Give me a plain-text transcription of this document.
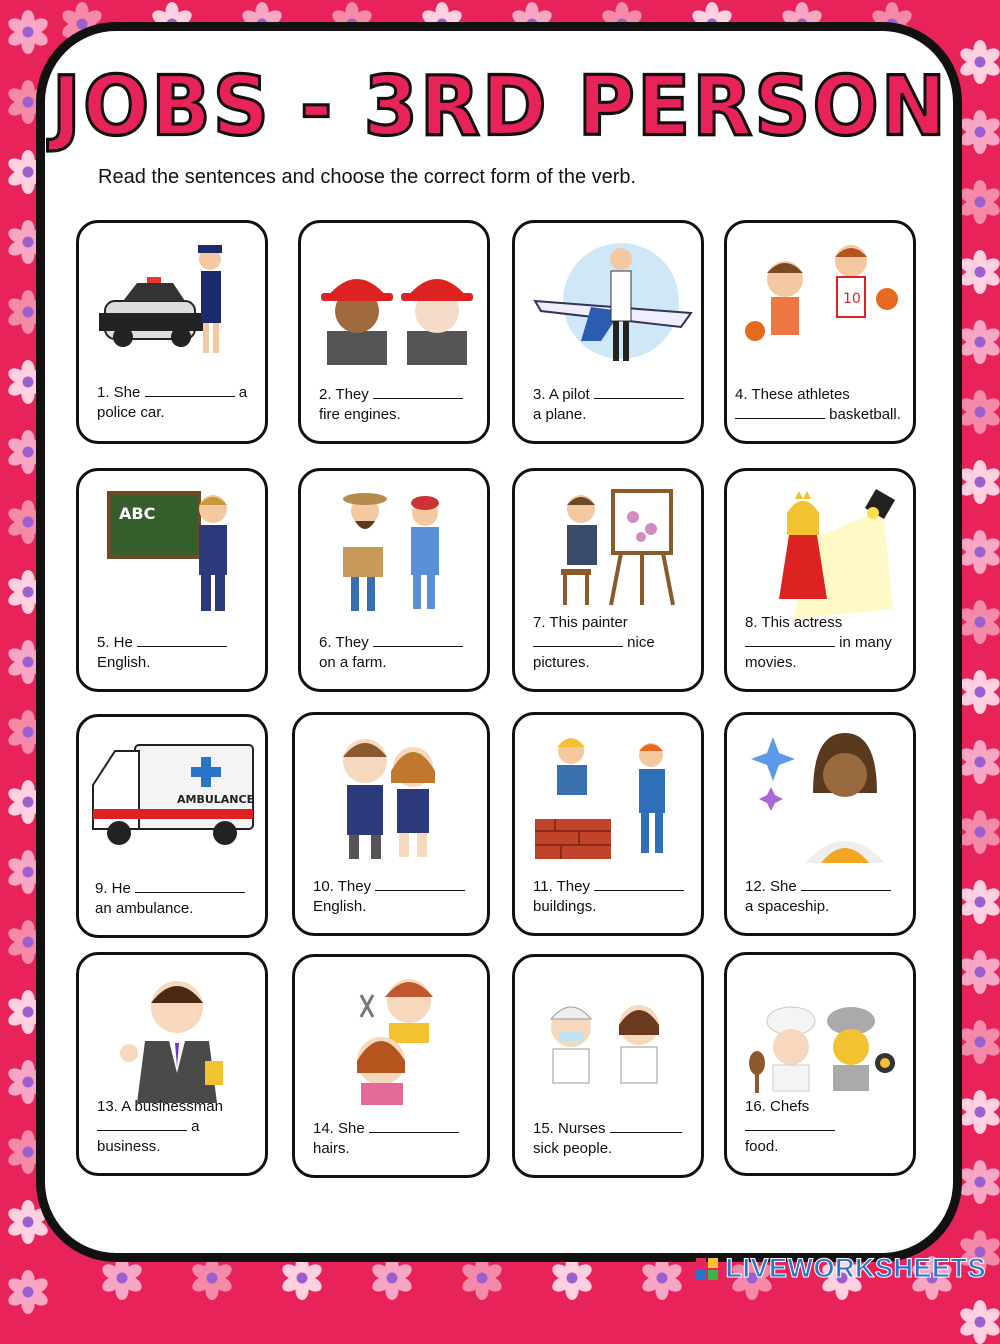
JOBS - 3RD PERSON
Read the sentences and choose the correct form of the verb.
1. She	a
police car.
2. They
fire engines.
3. A pilot
a plane.
10
4. These athletes
basketball.
ABC
5. He
English.
6. They
on a farm.
7. This painter
nice
pictures.
8. This actress
in many
movies.
AMBULANCE
9. He
an ambulance.
10. They
English.
11. They
buildings.
12. She
a spaceship.
13. A businessman
a
business.
14. She
hairs.
15. Nurses
sick people.
16. Chefs
food.
LIVEWORKSHEETS
